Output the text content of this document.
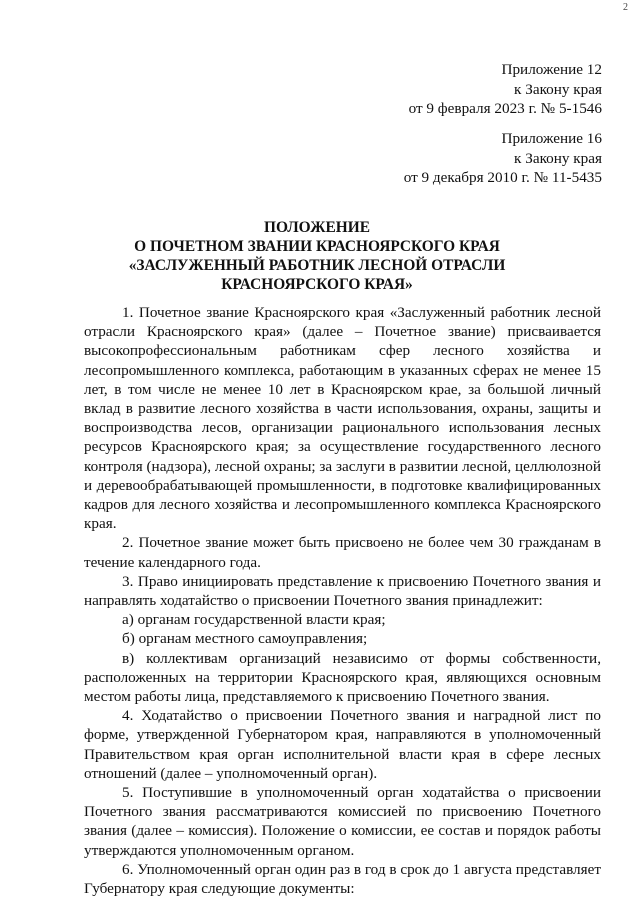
2
Приложение 12
к Закону края
от 9 февраля 2023 г. № 5-1546
Приложение 16
к Закону края
от 9 декабря 2010 г. № 11-5435
ПОЛОЖЕНИЕ
О ПОЧЕТНОМ ЗВАНИИ КРАСНОЯРСКОГО КРАЯ
«ЗАСЛУЖЕННЫЙ РАБОТНИК ЛЕСНОЙ ОТРАСЛИ
КРАСНОЯРСКОГО КРАЯ»

1. Почетное звание Красноярского края «Заслуженный работник лесной отрасли Красноярского края» (далее – Почетное звание) присваивается высокопрофессиональным работникам сфер лесного хозяйства и лесопромышленного комплекса, работающим в указанных сферах не менее 15 лет, в том числе не менее 10 лет в Красноярском крае, за большой личный вклад в развитие лесного хозяйства в части использования, охраны, защиты и воспроизводства лесов, организации рационального использования лесных ресурсов Красноярского края; за осуществление государственного лесного контроля (надзора), лесной охраны; за заслуги в развитии лесной, целлюлозной и деревообрабатывающей промышленности, в подготовке квалифицированных кадров для лесного хозяйства и лесопромышленного комплекса Красноярского края.

2. Почетное звание может быть присвоено не более чем 30 гражданам в течение календарного года.

3. Право инициировать представление к присвоению Почетного звания и направлять ходатайство о присвоении Почетного звания принадлежит:

а) органам государственной власти края;

б) органам местного самоуправления;

в) коллективам организаций независимо от формы собственности, расположенных на территории Красноярского края, являющихся основным местом работы лица, представляемого к присвоению Почетного звания.

4. Ходатайство о присвоении Почетного звания и наградной лист по форме, утвержденной Губернатором края, направляются в уполномоченный Правительством края орган исполнительной власти края в сфере лесных отношений (далее – уполномоченный орган).

5. Поступившие в уполномоченный орган ходатайства о присвоении Почетного звания рассматриваются комиссией по присвоению Почетного звания (далее – комиссия). Положение о комиссии, ее состав и порядок работы утверждаются уполномоченным органом.

6. Уполномоченный орган один раз в год в срок до 1 августа представляет Губернатору края следующие документы:
